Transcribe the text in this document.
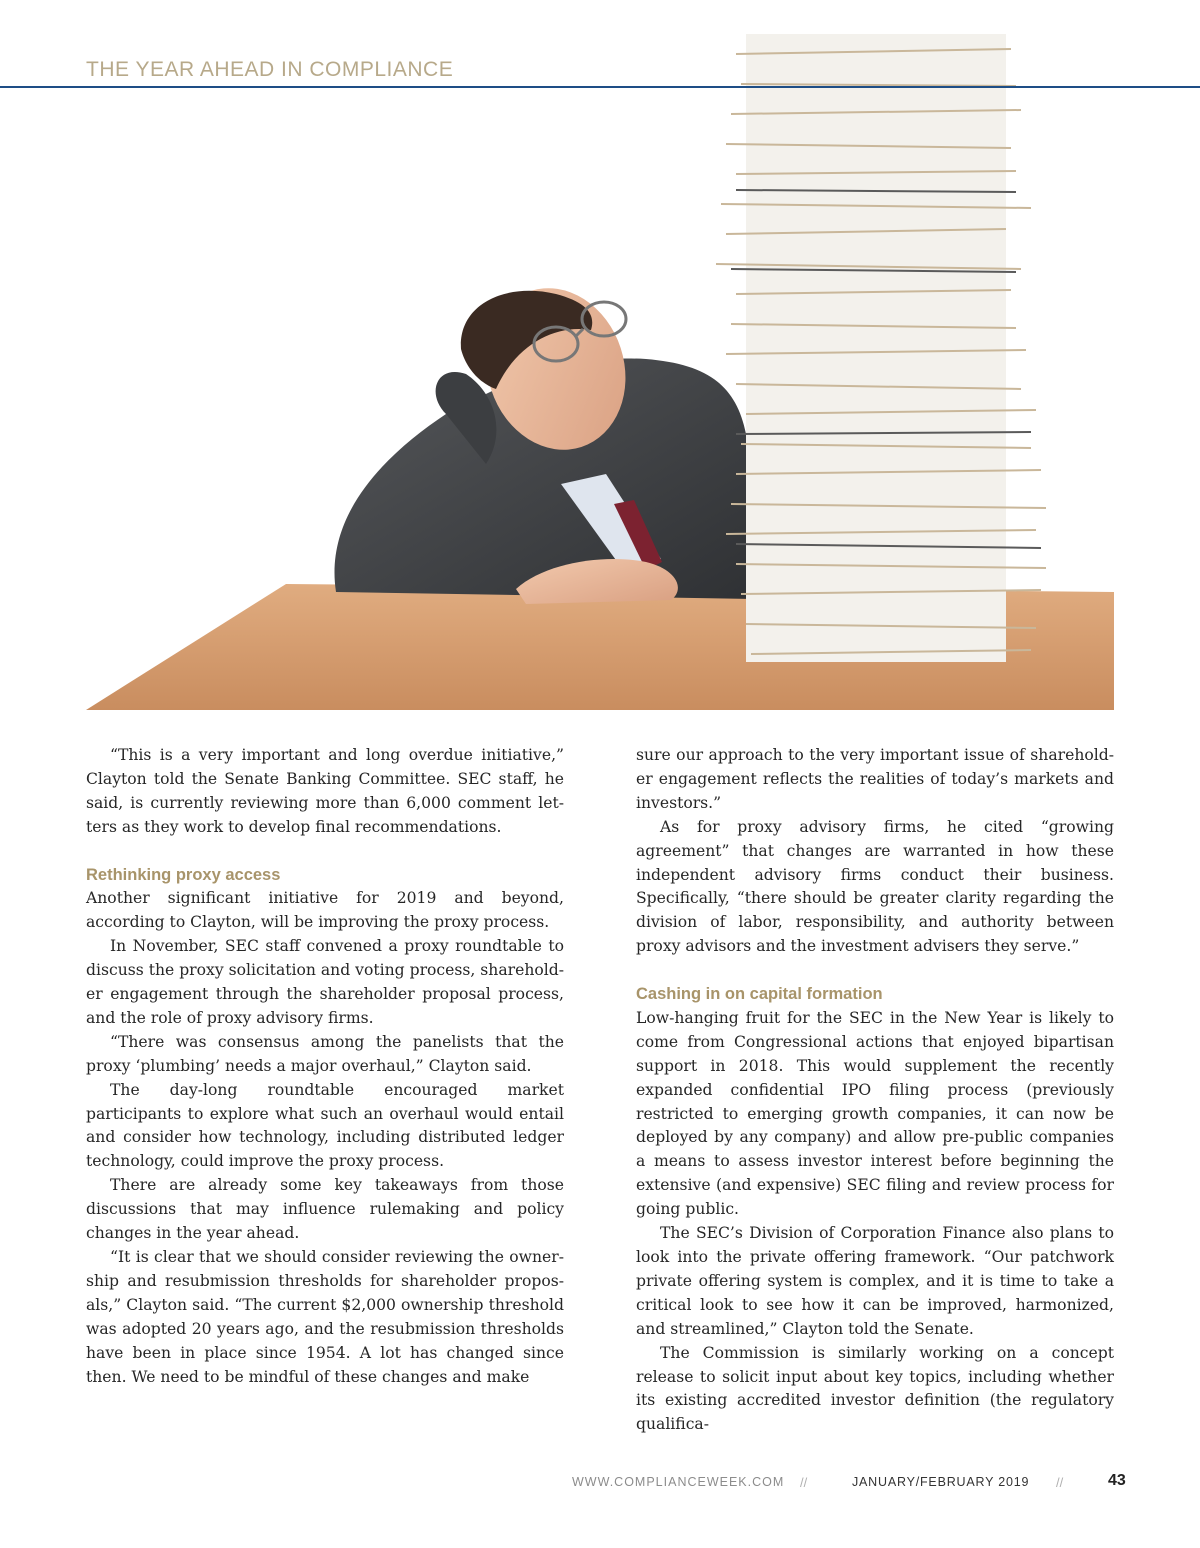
THE YEAR AHEAD IN COMPLIANCE

“This is a very important and long overdue initiative,” Clayton told the Senate Banking Committee. SEC staff, he said, is currently reviewing more than 6,000 comment letters as they work to develop final recommendations.

Rethinking proxy access

Another significant initiative for 2019 and beyond, according to Clayton, will be improving the proxy process.

In November, SEC staff convened a proxy roundtable to discuss the proxy solicitation and voting process, shareholder engagement through the shareholder proposal process, and the role of proxy advisory firms.

“There was consensus among the panelists that the proxy ‘plumbing’ needs a major overhaul,” Clayton said.

The day-long roundtable encouraged market participants to explore what such an overhaul would entail and consider how technology, including distributed ledger technology, could improve the proxy process.

There are already some key takeaways from those discussions that may influence rulemaking and policy changes in the year ahead.

“It is clear that we should consider reviewing the ownership and resubmission thresholds for shareholder proposals,” Clayton said. “The current $2,000 ownership threshold was adopted 20 years ago, and the resubmission thresholds have been in place since 1954. A lot has changed since then. We need to be mindful of these changes and make

sure our approach to the very important issue of shareholder engagement reflects the realities of today’s markets and investors.”

As for proxy advisory firms, he cited “growing agreement” that changes are warranted in how these independent advisory firms conduct their business. Specifically, “there should be greater clarity regarding the division of labor, responsibility, and authority between proxy advisors and the investment advisers they serve.”

Cashing in on capital formation

Low-hanging fruit for the SEC in the New Year is likely to come from Congressional actions that enjoyed bipartisan support in 2018. This would supplement the recently expanded confidential IPO filing process (previously restricted to emerging growth companies, it can now be deployed by any company) and allow pre-public companies a means to assess investor interest before beginning the extensive (and expensive) SEC filing and review process for going public.

The SEC’s Division of Corporation Finance also plans to look into the private offering framework. “Our patchwork private offering system is complex, and it is time to take a critical look to see how it can be improved, harmonized, and streamlined,” Clayton told the Senate.

The Commission is similarly working on a concept release to solicit input about key topics, including whether its existing accredited investor definition (the regulatory qualifica-

WWW.COMPLIANCEWEEK.COM //	JANUARY/FEBRUARY 2019 //	43
